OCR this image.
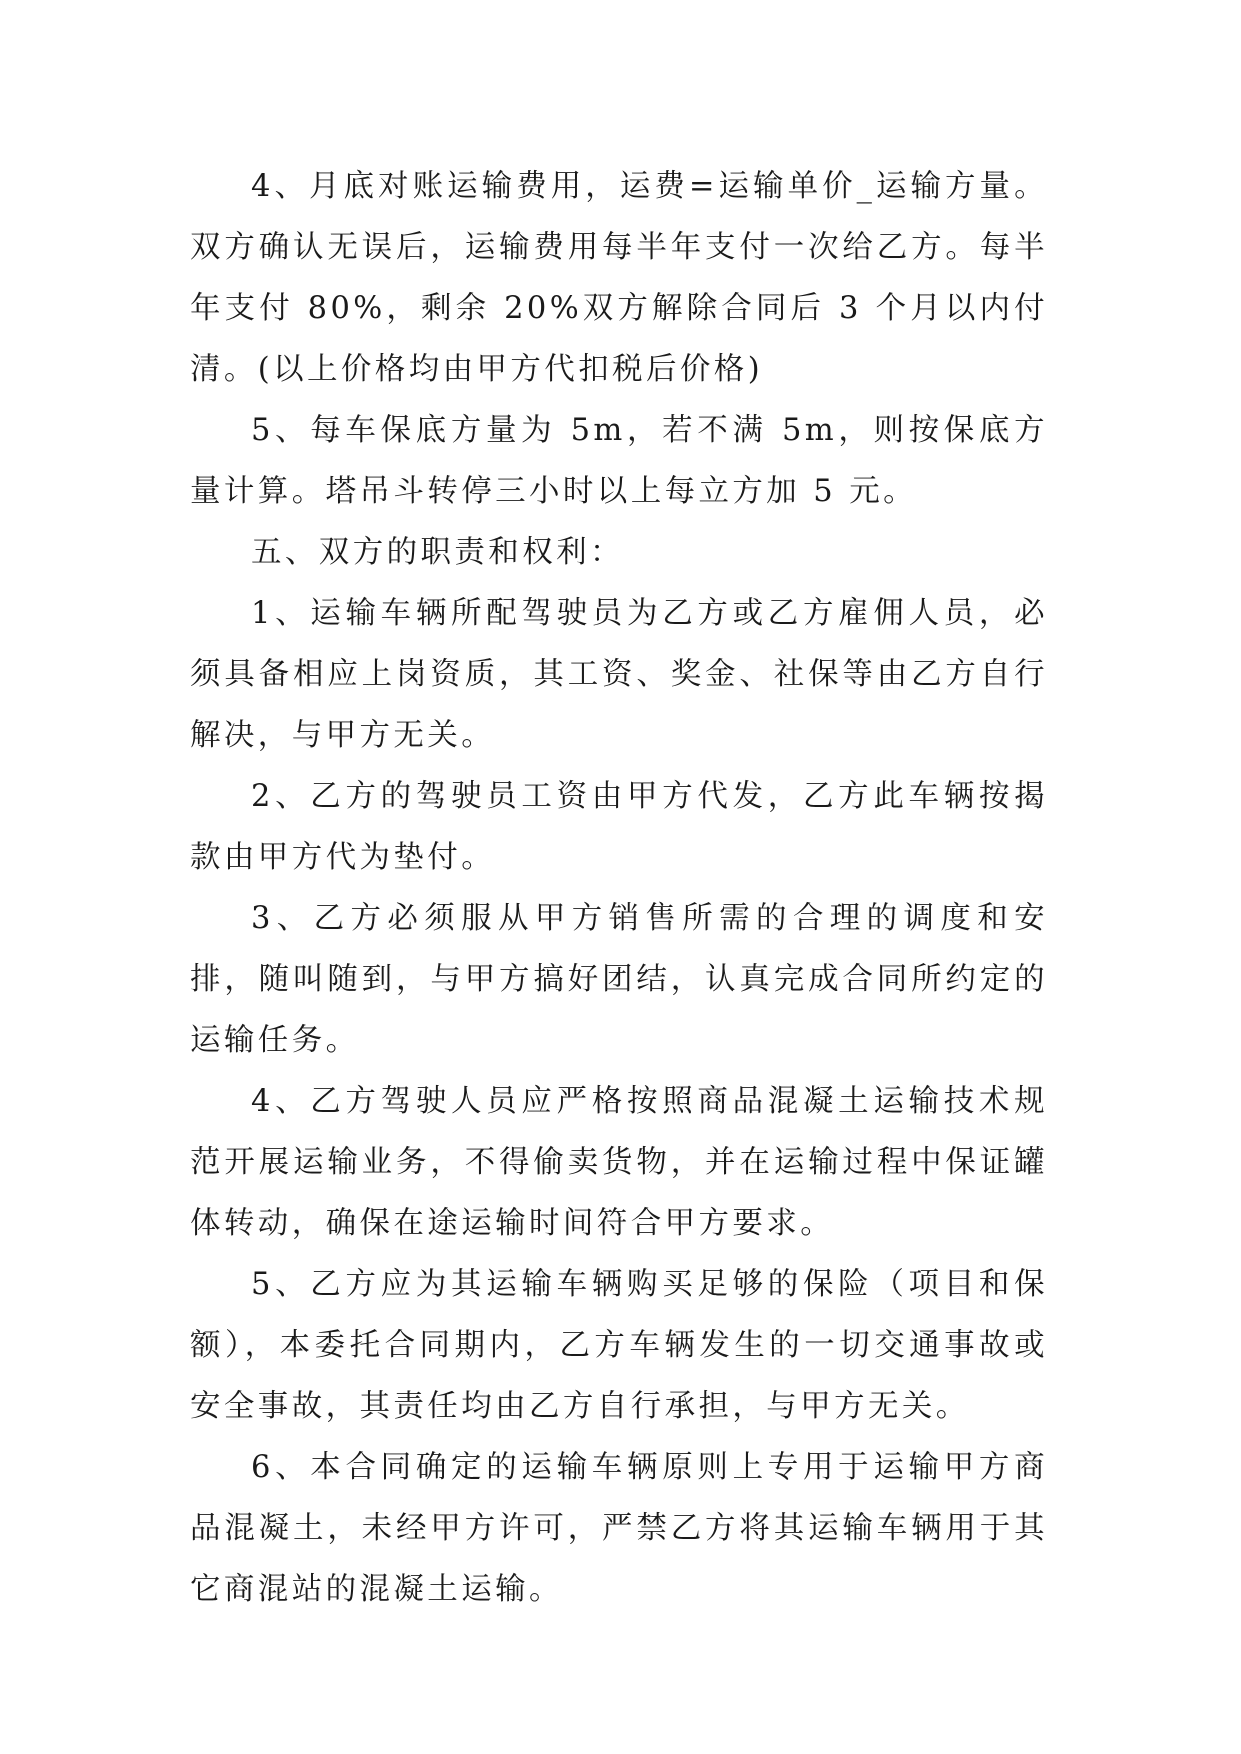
4、月底对账运输费用，运费=运输单价_运输方量。双方确认无误后，运输费用每半年支付一次给乙方。每半年支付 80%，剩余 20%双方解除合同后 3 个月以内付清。(以上价格均由甲方代扣税后价格)

5、每车保底方量为 5m，若不满 5m，则按保底方量计算。塔吊斗转停三小时以上每立方加 5 元。

五、双方的职责和权利：

1、运输车辆所配驾驶员为乙方或乙方雇佣人员，必须具备相应上岗资质，其工资、奖金、社保等由乙方自行解决，与甲方无关。

2、乙方的驾驶员工资由甲方代发，乙方此车辆按揭款由甲方代为垫付。

3、乙方必须服从甲方销售所需的合理的调度和安排，随叫随到，与甲方搞好团结，认真完成合同所约定的运输任务。

4、乙方驾驶人员应严格按照商品混凝土运输技术规范开展运输业务，不得偷卖货物，并在运输过程中保证罐体转动，确保在途运输时间符合甲方要求。

5、乙方应为其运输车辆购买足够的保险（项目和保额），本委托合同期内，乙方车辆发生的一切交通事故或安全事故，其责任均由乙方自行承担，与甲方无关。

6、本合同确定的运输车辆原则上专用于运输甲方商品混凝土，未经甲方许可，严禁乙方将其运输车辆用于其它商混站的混凝土运输。
